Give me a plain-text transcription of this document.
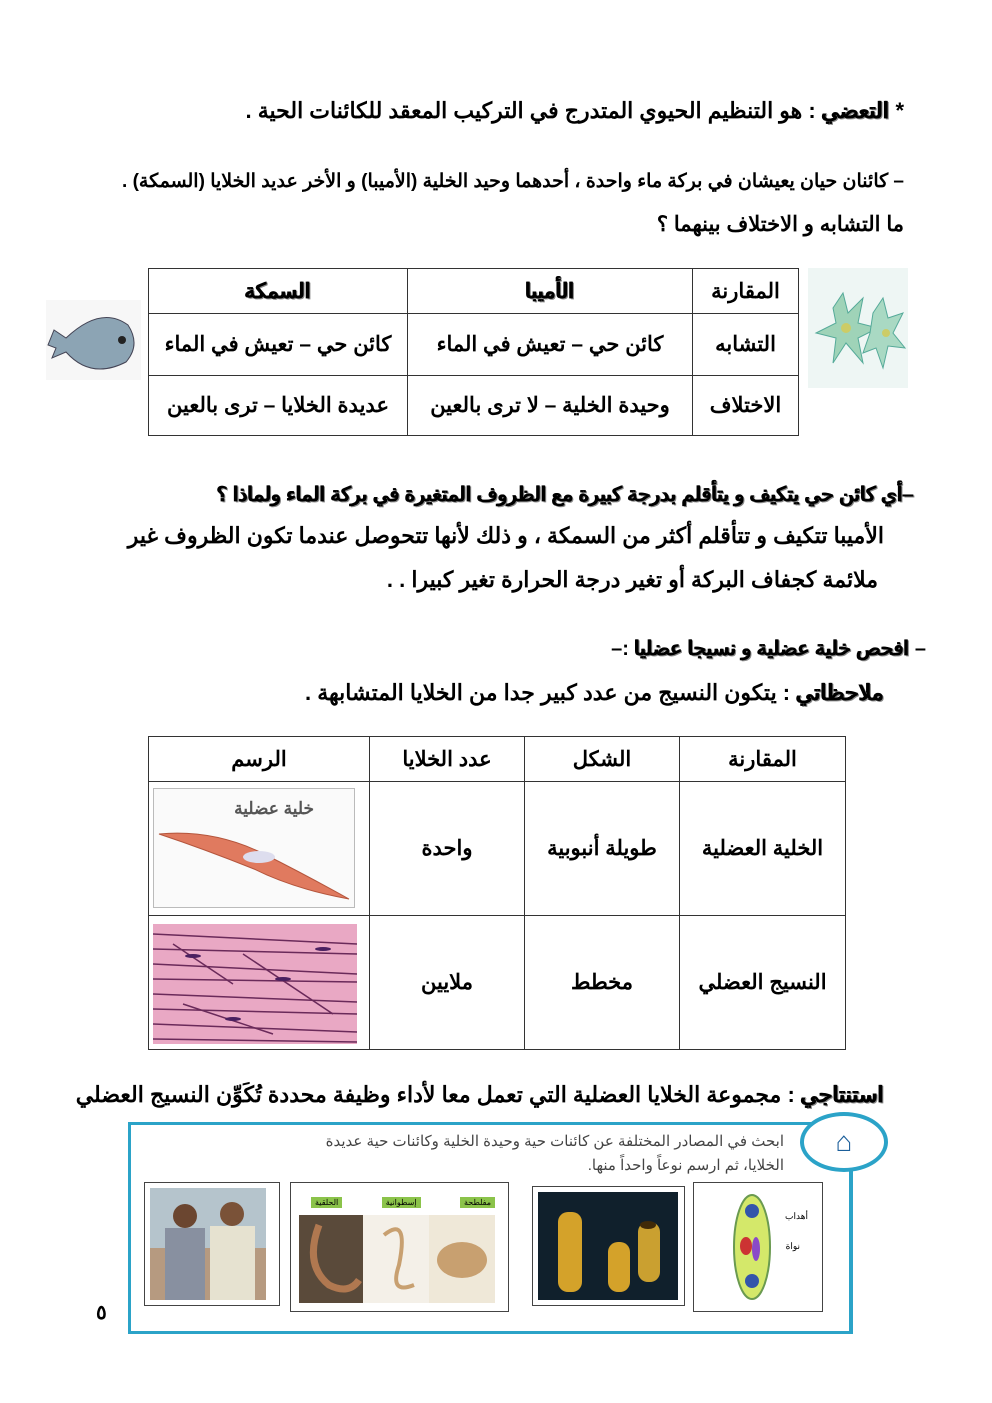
* التعضي : هو التنظيم الحيوي المتدرج في التركيب المعقد للكائنات الحية .
– كائنان حيان يعيشان في بركة ماء واحدة ، أحدهما وحيد الخلية (الأميبا) و الأخر عديد الخلايا (السمكة) .
ما التشابه و الاختلاف بينهما ؟
المقارنة	الأميبا	السمكة
التشابه	كائن حي – تعيش في الماء	كائن حي – تعيش في الماء
الاختلاف	وحيدة الخلية – لا ترى بالعين	عديدة الخلايا – ترى بالعين
–أي كائن حي يتكيف و يتأقلم بدرجة كبيرة مع الظروف المتغيرة في بركة الماء ولماذا ؟
الأميبا تتكيف و تتأقلم أكثر من السمكة ، و ذلك لأنها تتحوصل عندما تكون الظروف غير
ملائمة كجفاف البركة أو تغير درجة الحرارة تغير كبيرا . .
– افحص خلية عضلية و نسيجا عضليا :–
ملاحظاتي : يتكون النسيج من عدد كبير جدا من الخلايا المتشابهة .
المقارنة	الشكل	عدد الخلايا	الرسم
الخلية العضلية	طويلة أنبوبية	واحدة	خلية عضلية

النسيج العضلي	مخطط	ملايين	
استنتاجي : مجموعة الخلايا العضلية التي تعمل معا لأداء وظيفة محددة تُكَوِّن النسيج العضلي
⌂
ابحث في المصادر المختلفة عن كائنات حية وحيدة الخلية وكائنات حية عديدة
الخلايا، ثم ارسم نوعاً واحداً منها.
مفلطحة
إسطوانية
الحلقية
أهداب
نواة
٥
